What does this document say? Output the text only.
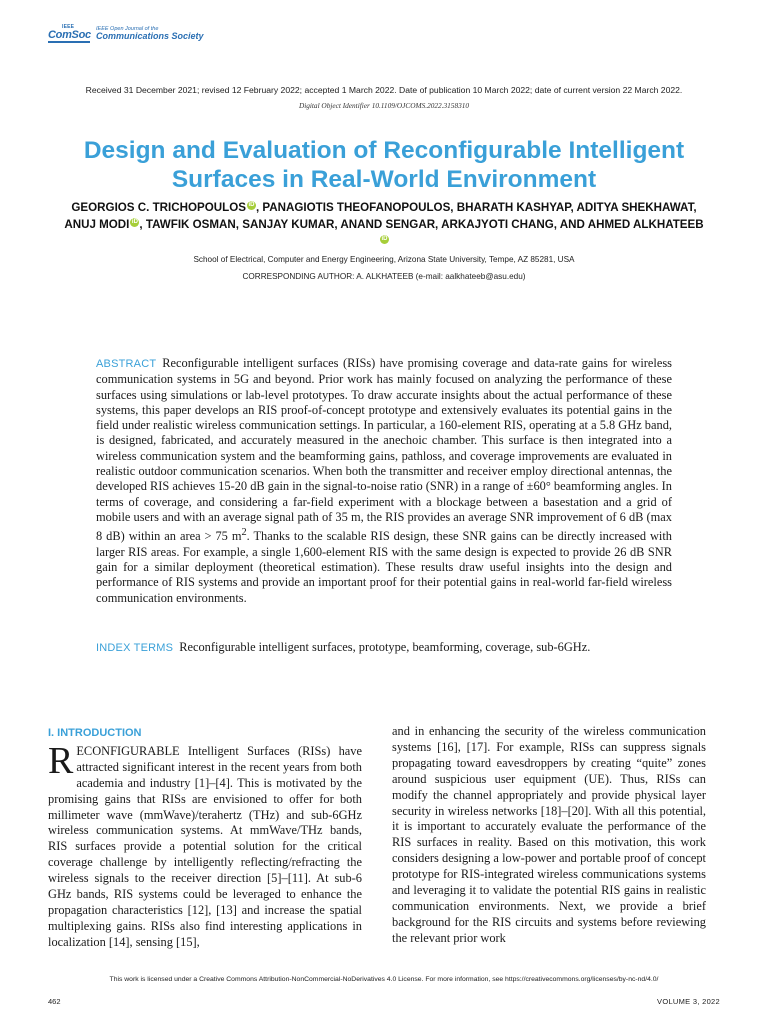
IEEE
ComSoc
IEEE Open Journal of the
Communications Society
Received 31 December 2021; revised 12 February 2022; accepted 1 March 2022. Date of publication 10 March 2022; date of current version 22 March 2022.
Digital Object Identifier 10.1109/OJCOMS.2022.3158310
Design and Evaluation of Reconfigurable Intelligent Surfaces in Real-World Environment
GEORGIOS C. TRICHOPOULOS iD , PANAGIOTIS THEOFANOPOULOS, BHARATH KASHYAP, ADITYA SHEKHAWAT, ANUJ MODI iD , TAWFIK OSMAN, SANJAY KUMAR, ANAND SENGAR, ARKAJYOTI CHANG, AND AHMED ALKHATEEBiD
School of Electrical, Computer and Energy Engineering, Arizona State University, Tempe, AZ 85281, USA
CORRESPONDING AUTHOR: A. ALKHATEEB (e-mail: aalkhateeb@asu.edu)
ABSTRACT Reconfigurable intelligent surfaces (RISs) have promising coverage and data-rate gains for wireless communication systems in 5G and beyond. Prior work has mainly focused on analyzing the performance of these surfaces using simulations or lab-level prototypes. To draw accurate insights about the actual performance of these systems, this paper develops an RIS proof-of-concept prototype and extensively evaluates its potential gains in the field under realistic wireless communication settings. In particular, a 160-element RIS, operating at a 5.8 GHz band, is designed, fabricated, and accurately measured in the anechoic chamber. This surface is then integrated into a wireless communication system and the beamforming gains, pathloss, and coverage improvements are evaluated in realistic outdoor communication scenarios. When both the transmitter and receiver employ directional antennas, the developed RIS achieves 15-20 dB gain in the signal-to-noise ratio (SNR) in a range of ±60° beamforming angles. In terms of coverage, and considering a far-field experiment with a blockage between a basestation and a grid of mobile users and with an average signal path of 35 m, the RIS provides an average SNR improvement of 6 dB (max 8 dB) within an area > 75 $m^2$. Thanks to the scalable RIS design, these SNR gains can be directly increased with larger RIS areas. For example, a single 1,600-element RIS with the same design is expected to provide 26 dB SNR gain for a similar deployment (theoretical estimation). These results draw useful insights into the design and performance of RIS systems and provide an important proof for their potential gains in real-world far-field wireless communication environments.
INDEX TERMS Reconfigurable intelligent surfaces, prototype, beamforming, coverage, sub-6GHz.
I. INTRODUCTION
R ECONFIGURABLE Intelligent Surfaces (RISs) have attracted significant interest in the recent years from both academia and industry [1]–[4]. This is motivated by the promising gains that RISs are envisioned to offer for both millimeter wave (mmWave)/terahertz (THz) and sub-6GHz wireless communication systems. At mmWave/THz bands, RIS surfaces provide a potential solution for the critical coverage challenge by intelligently reflecting/refracting the wireless signals to the receiver direction [5]–[11]. At sub-6 GHz bands, RIS systems could be leveraged to enhance the propagation characteristics [12], [13] and increase the spatial multiplexing gains. RISs also find interesting applications in localization [14], sensing [15],
and in enhancing the security of the wireless communication systems [16], [17]. For example, RISs can suppress signals propagating toward eavesdroppers by creating “quite” zones around suspicious user equipment (UE). Thus, RISs can modify the channel appropriately and provide physical layer security in wireless networks [18]–[20]. With all this potential, it is important to accurately evaluate the performance of the RIS surfaces in reality. Based on this motivation, this work considers designing a low-power and portable proof of concept prototype for RIS-integrated wireless communications systems and leveraging it to validate the potential RIS gains in realistic communication environments. Next, we provide a brief background for the RIS circuits and systems before reviewing the relevant prior work
This work is licensed under a Creative Commons Attribution-NonCommercial-NoDerivatives 4.0 License. For more information, see https://creativecommons.org/licenses/by-nc-nd/4.0/
462	VOLUME 3, 2022
